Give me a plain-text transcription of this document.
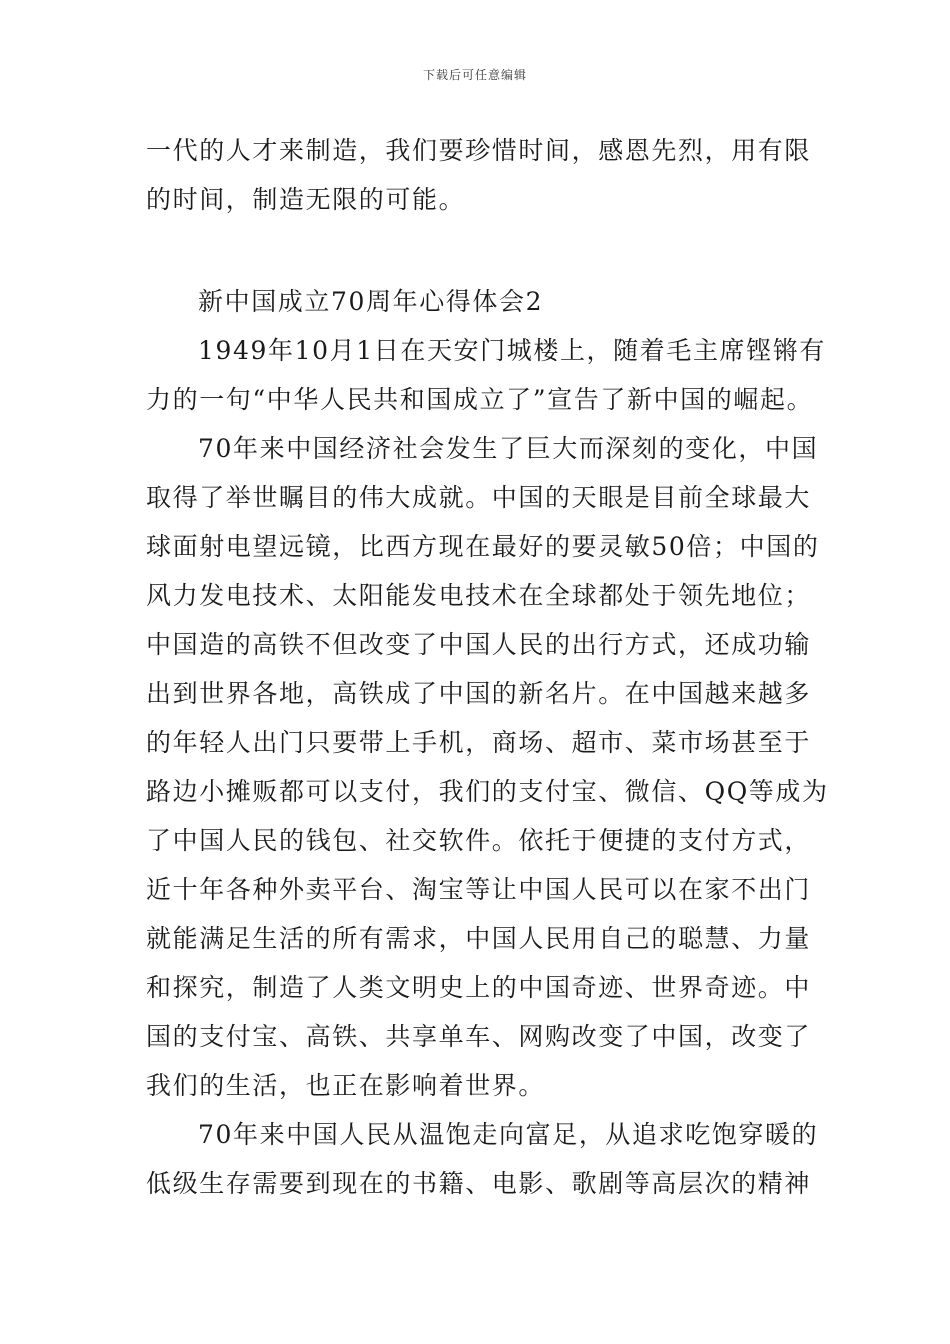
下载后可任意编辑
一代的人才来制造，我们要珍惜时间，感恩先烈，用有限
的时间，制造无限的可能。
新中国成立70周年心得体会2
1949年10月1日在天安门城楼上，随着毛主席铿锵有
力的一句“中华人民共和国成立了”宣告了新中国的崛起。
70年来中国经济社会发生了巨大而深刻的变化，中国
取得了举世瞩目的伟大成就。中国的天眼是目前全球最大
球面射电望远镜，比西方现在最好的要灵敏50倍；中国的
风力发电技术、太阳能发电技术在全球都处于领先地位；
中国造的高铁不但改变了中国人民的出行方式，还成功输
出到世界各地，高铁成了中国的新名片。在中国越来越多
的年轻人出门只要带上手机，商场、超市、菜市场甚至于
路边小摊贩都可以支付，我们的支付宝、微信、QQ等成为
了中国人民的钱包、社交软件。依托于便捷的支付方式，
近十年各种外卖平台、淘宝等让中国人民可以在家不出门
就能满足生活的所有需求，中国人民用自己的聪慧、力量
和探究，制造了人类文明史上的中国奇迹、世界奇迹。中
国的支付宝、高铁、共享单车、网购改变了中国，改变了
我们的生活，也正在影响着世界。
70年来中国人民从温饱走向富足，从追求吃饱穿暖的
低级生存需要到现在的书籍、电影、歌剧等高层次的精神
